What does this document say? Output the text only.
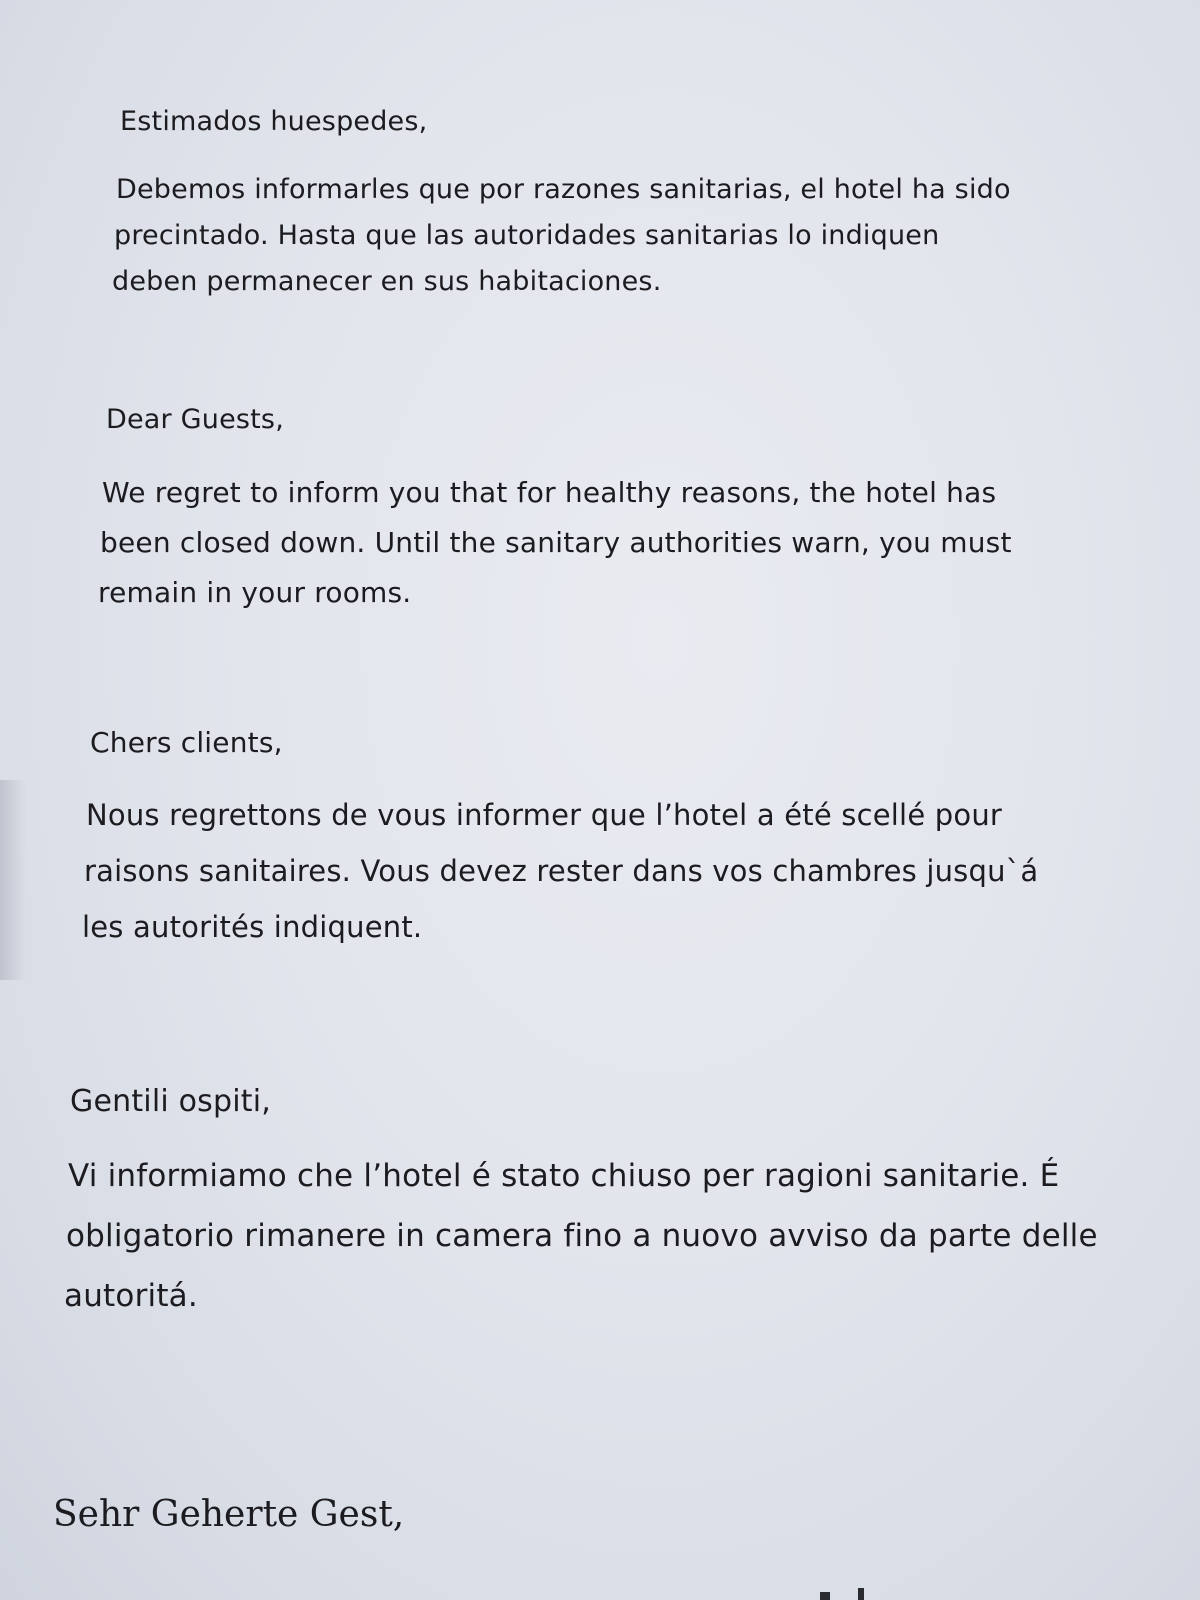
Estimados huespedes,

Debemos informarles que por razones sanitarias, el hotel ha sido

precintado. Hasta que las autoridades sanitarias lo indiquen

deben permanecer en sus habitaciones.

Dear Guests,

We regret to inform you that for healthy reasons, the hotel has

been closed down. Until the sanitary authorities warn, you must

remain in your rooms.

Chers clients,

Nous regrettons de vous informer que l’hotel a été scellé pour

raisons sanitaires. Vous devez rester dans vos chambres jusqu`á

les autorités indiquent.

Gentili ospiti,

Vi informiamo che l’hotel é stato chiuso per ragioni sanitarie. É

obligatorio rimanere in camera fino a nuovo avviso da parte delle

autoritá.

Sehr Geherte Gest,
